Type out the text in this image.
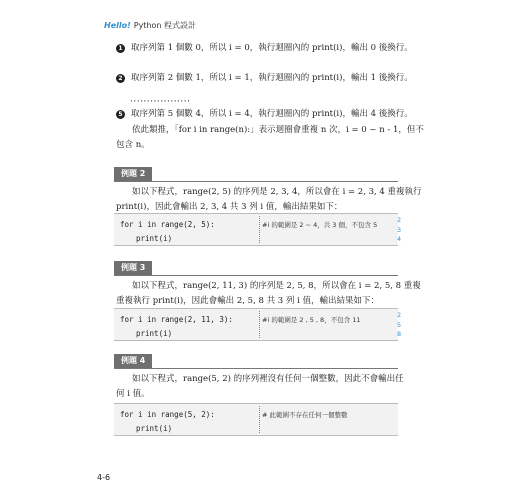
Hello! Python 程式設計
1 取序列第 1 個數 0，所以 i = 0，執行迴圈內的 print(i)，輸出 0 後換行。
2 取序列第 2 個數 1，所以 i = 1，執行迴圈內的 print(i)，輸出 1 後換行。
··················
5 取序列第 5 個數 4，所以 i = 4，執行迴圈內的 print(i)，輸出 4 後換行。
依此類推，「for i in range(n):」表示迴圈會重複 n 次，i = 0 ~ n - 1，但不
包含 n。
例題 2
如以下程式，range(2, 5) 的序列是 2, 3, 4，所以會在 i = 2, 3, 4 重複執行
print(i)，因此會輸出 2, 3, 4 共 3 列 i 值，輸出結果如下：
for i in range(2, 5):
print(i)
#i 的範圍是 2 ~ 4，共 3 個，不包含 5
2
3
4
例題 3
如以下程式，range(2, 11, 3) 的序列是 2, 5, 8，所以會在 i = 2, 5, 8 重複
重複執行 print(i)，因此會輸出 2, 5, 8 共 3 列 i 值，輸出結果如下：
for i in range(2, 11, 3):
print(i)
#i 的範圍是 2 , 5 , 8，不包含 11
2
5
8
例題 4
如以下程式，range(5, 2) 的序列裡沒有任何一個整數，因此不會輸出任
何 i 值。
for i in range(5, 2):
print(i)
# 此範圍不存在任何一個整數
4-6
